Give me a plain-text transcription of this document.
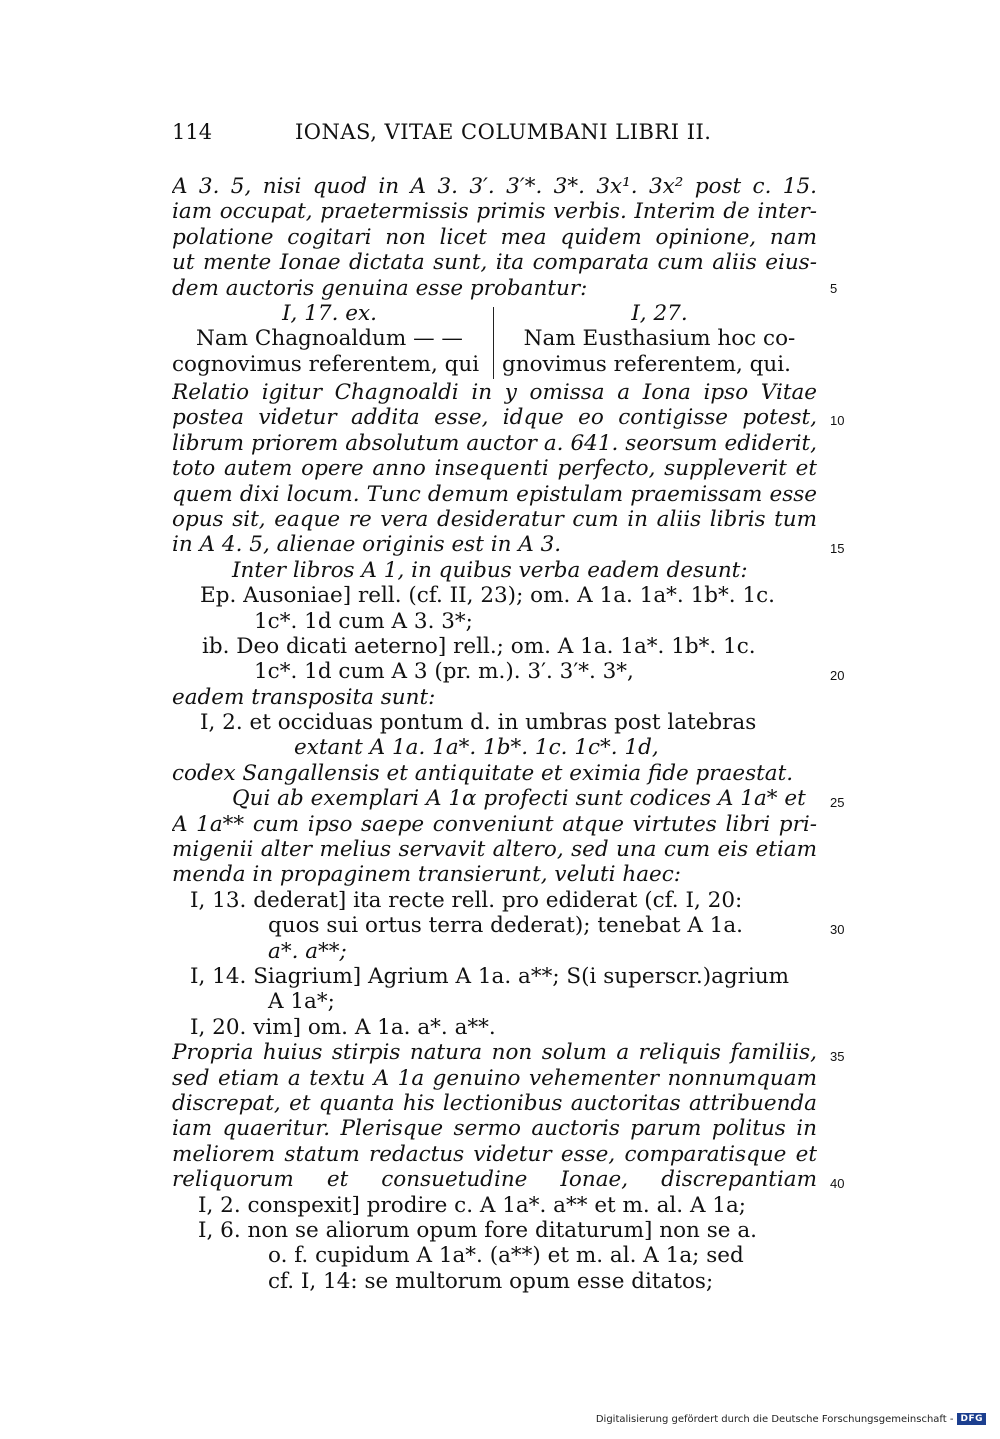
114	IONAS, VITAE COLUMBANI LIBRI II.
A 3. 5, nisi quod in A 3. 3′. 3′*. 3*. 3x¹. 3x² post c. 15.
iam occupat, praetermissis primis verbis. Interim de inter-
polatione cogitari non licet mea quidem opinione, nam
ut mente Ionae dictata sunt, ita comparata cum aliis eius-
dem auctoris genuina esse probantur:
I, 17. ex.
Nam Chagnoaldum — —
cognovimus referentem, qui
I, 27.
Nam Eusthasium hoc co-
gnovimus referentem, qui.
Relatio igitur Chagnoaldi in y omissa a Iona ipso Vitae
postea videtur addita esse, idque eo contigisse potest,
librum priorem absolutum auctor a. 641. seorsum ediderit,
toto autem opere anno insequenti perfecto, suppleverit et
quem dixi locum. Tunc demum epistulam praemissam esse
opus sit, eaque re vera desideratur cum in aliis libris tum
in A 4. 5, alienae originis est in A 3.
Inter libros A 1, in quibus verba eadem desunt:
Ep. Ausoniae] rell. (cf. II, 23); om. A 1a. 1a*. 1b*. 1c.
1c*. 1d cum A 3. 3*;
ib. Deo dicati aeterno] rell.; om. A 1a. 1a*. 1b*. 1c.
1c*. 1d cum A 3 (pr. m.). 3′. 3′*. 3*,
eadem transposita sunt:
I, 2. et occiduas pontum d. in umbras post latebras
extant A 1a. 1a*. 1b*. 1c. 1c*. 1d,
codex Sangallensis et antiquitate et eximia fide praestat.
Qui ab exemplari A 1α profecti sunt codices A 1a* et
A 1a** cum ipso saepe conveniunt atque virtutes libri pri-
migenii alter melius servavit altero, sed una cum eis etiam
menda in propaginem transierunt, veluti haec:
I, 13. dederat] ita recte rell. pro ediderat (cf. I, 20:
quos sui ortus terra dederat); tenebat A 1a.
a*. a**;
I, 14. Siagrium] Agrium A 1a. a**; S(i superscr.)agrium
A 1a*;
I, 20. vim] om. A 1a. a*. a**.
Propria huius stirpis natura non solum a reliquis familiis,
sed etiam a textu A 1a genuino vehementer nonnumquam
discrepat, et quanta his lectionibus auctoritas attribuenda
iam quaeritur. Plerisque sermo auctoris parum politus in
meliorem statum redactus videtur esse, comparatisque et
reliquorum et consuetudine Ionae, discrepantiam
I, 2. conspexit] prodire c. A 1a*. a** et m. al. A 1a;
I, 6. non se aliorum opum fore ditaturum] non se a.
o. f. cupidum A 1a*. (a**) et m. al. A 1a; sed
cf. I, 14: se multorum opum esse ditatos;
5
10
15
20
25
30
35
40
Digitalisierung gefördert durch die Deutsche Forschungsgemeinschaft - DFG
